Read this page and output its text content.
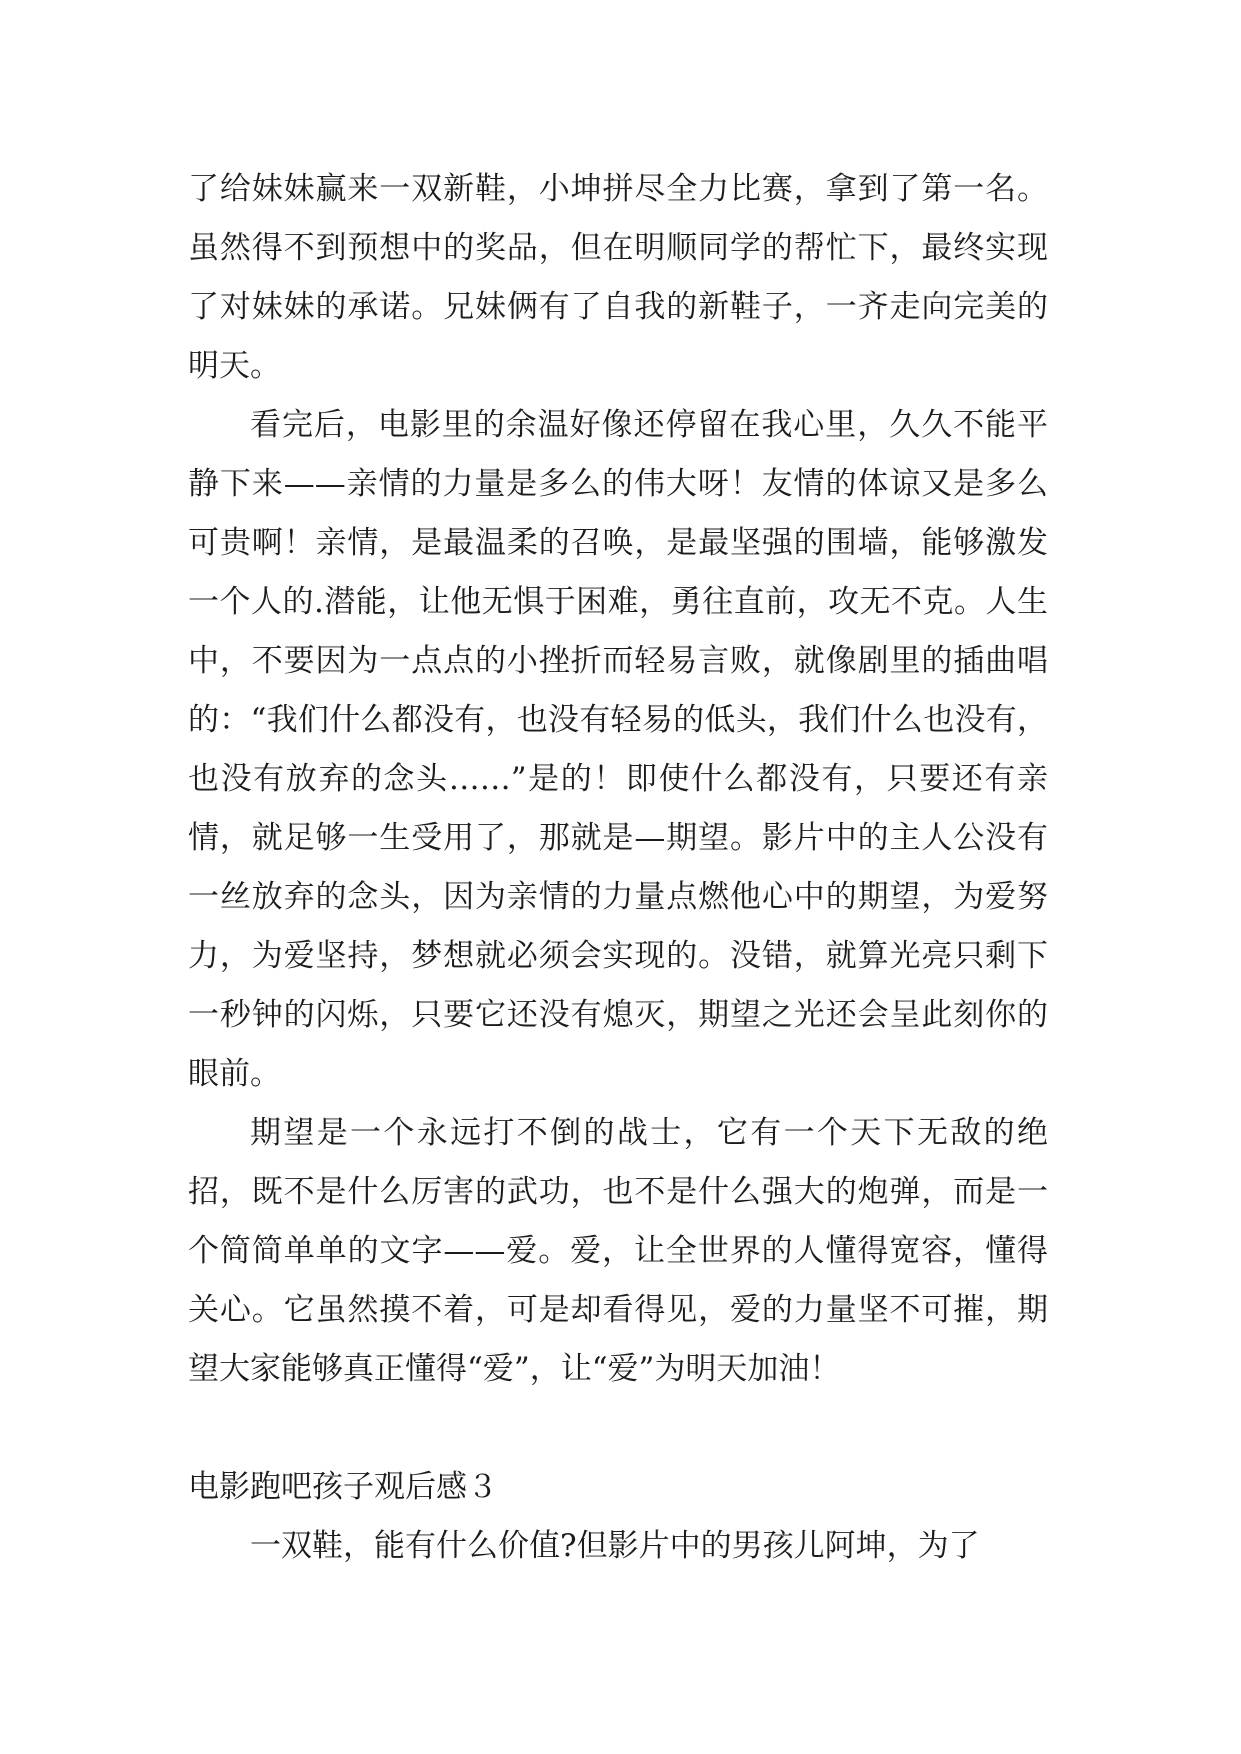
了给妹妹赢来一双新鞋，小坤拼尽全力比赛，拿到了第一名。虽然得不到预想中的奖品，但在明顺同学的帮忙下，最终实现了对妹妹的承诺。兄妹俩有了自我的新鞋子，一齐走向完美的明天。

看完后，电影里的余温好像还停留在我心里，久久不能平静下来——亲情的力量是多么的伟大呀！友情的体谅又是多么可贵啊！亲情，是最温柔的召唤，是最坚强的围墙，能够激发一个人的.潜能，让他无惧于困难，勇往直前，攻无不克。人生中，不要因为一点点的小挫折而轻易言败，就像剧里的插曲唱的：“我们什么都没有，也没有轻易的低头，我们什么也没有，也没有放弃的念头……”是的！即使什么都没有，只要还有亲情，就足够一生受用了，那就是—期望。影片中的主人公没有一丝放弃的念头，因为亲情的力量点燃他心中的期望，为爱努力，为爱坚持，梦想就必须会实现的。没错，就算光亮只剩下一秒钟的闪烁，只要它还没有熄灭，期望之光还会呈此刻你的眼前。

期望是一个永远打不倒的战士，它有一个天下无敌的绝招，既不是什么厉害的武功，也不是什么强大的炮弹，而是一个简简单单的文字——爱。爱，让全世界的人懂得宽容，懂得关心。它虽然摸不着，可是却看得见，爱的力量坚不可摧，期望大家能够真正懂得“爱”，让“爱”为明天加油！

电影跑吧孩子观后感３

一双鞋，能有什么价值?但影片中的男孩儿阿坤，为了
